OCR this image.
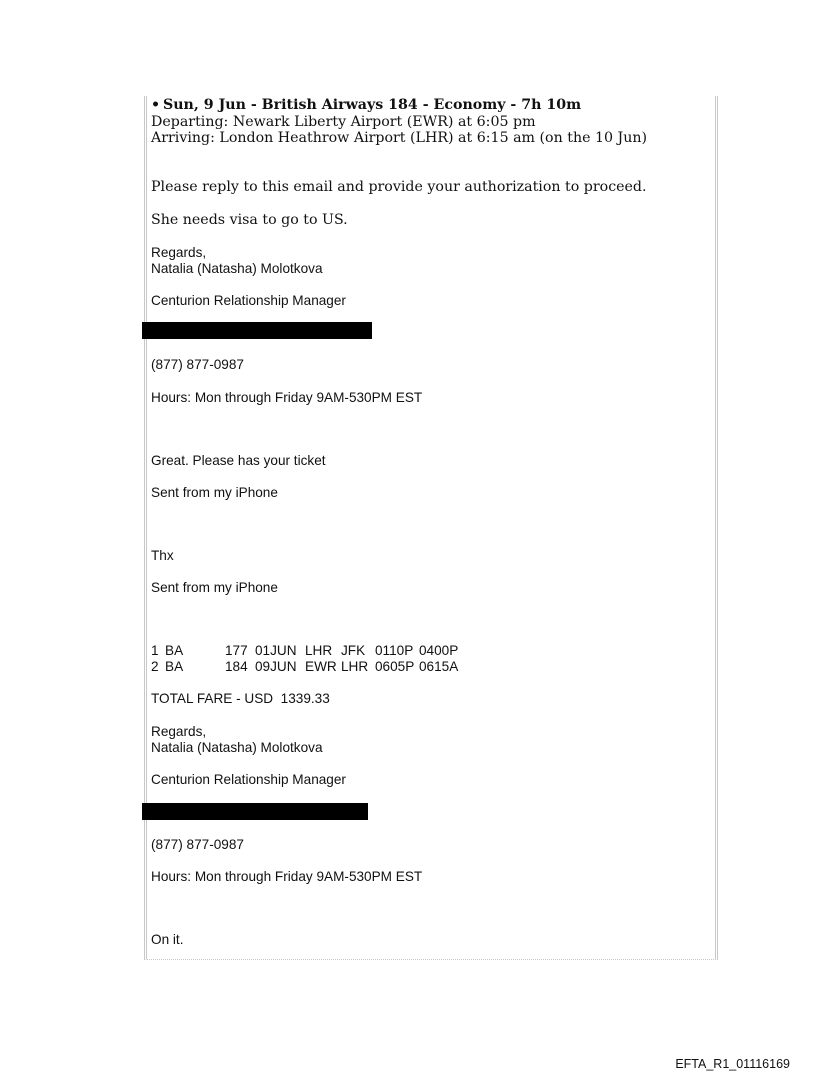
• Sun, 9 Jun - British Airways 184 - Economy - 7h 10m

Departing: Newark Liberty Airport (EWR) at 6:05 pm

Arriving: London Heathrow Airport (LHR) at 6:15 am (on the 10 Jun)

Please reply to this email and provide your authorization to proceed.

She needs visa to go to US.

Regards,

Natalia (Natasha) Molotkova

Centurion Relationship Manager

(877) 877-0987

Hours: Mon through Friday 9AM-530PM EST

Great. Please has your ticket

Sent from my iPhone

Thx

Sent from my iPhone

1 BA	177 01JUN LHR JFK 0110P 0400P
2 BA	184 09JUN EWR LHR 0605P 0615A

TOTAL FARE - USD  1339.33

Regards,

Natalia (Natasha) Molotkova

Centurion Relationship Manager

(877) 877-0987

Hours: Mon through Friday 9AM-530PM EST

On it.

EFTA_R1_01116169
